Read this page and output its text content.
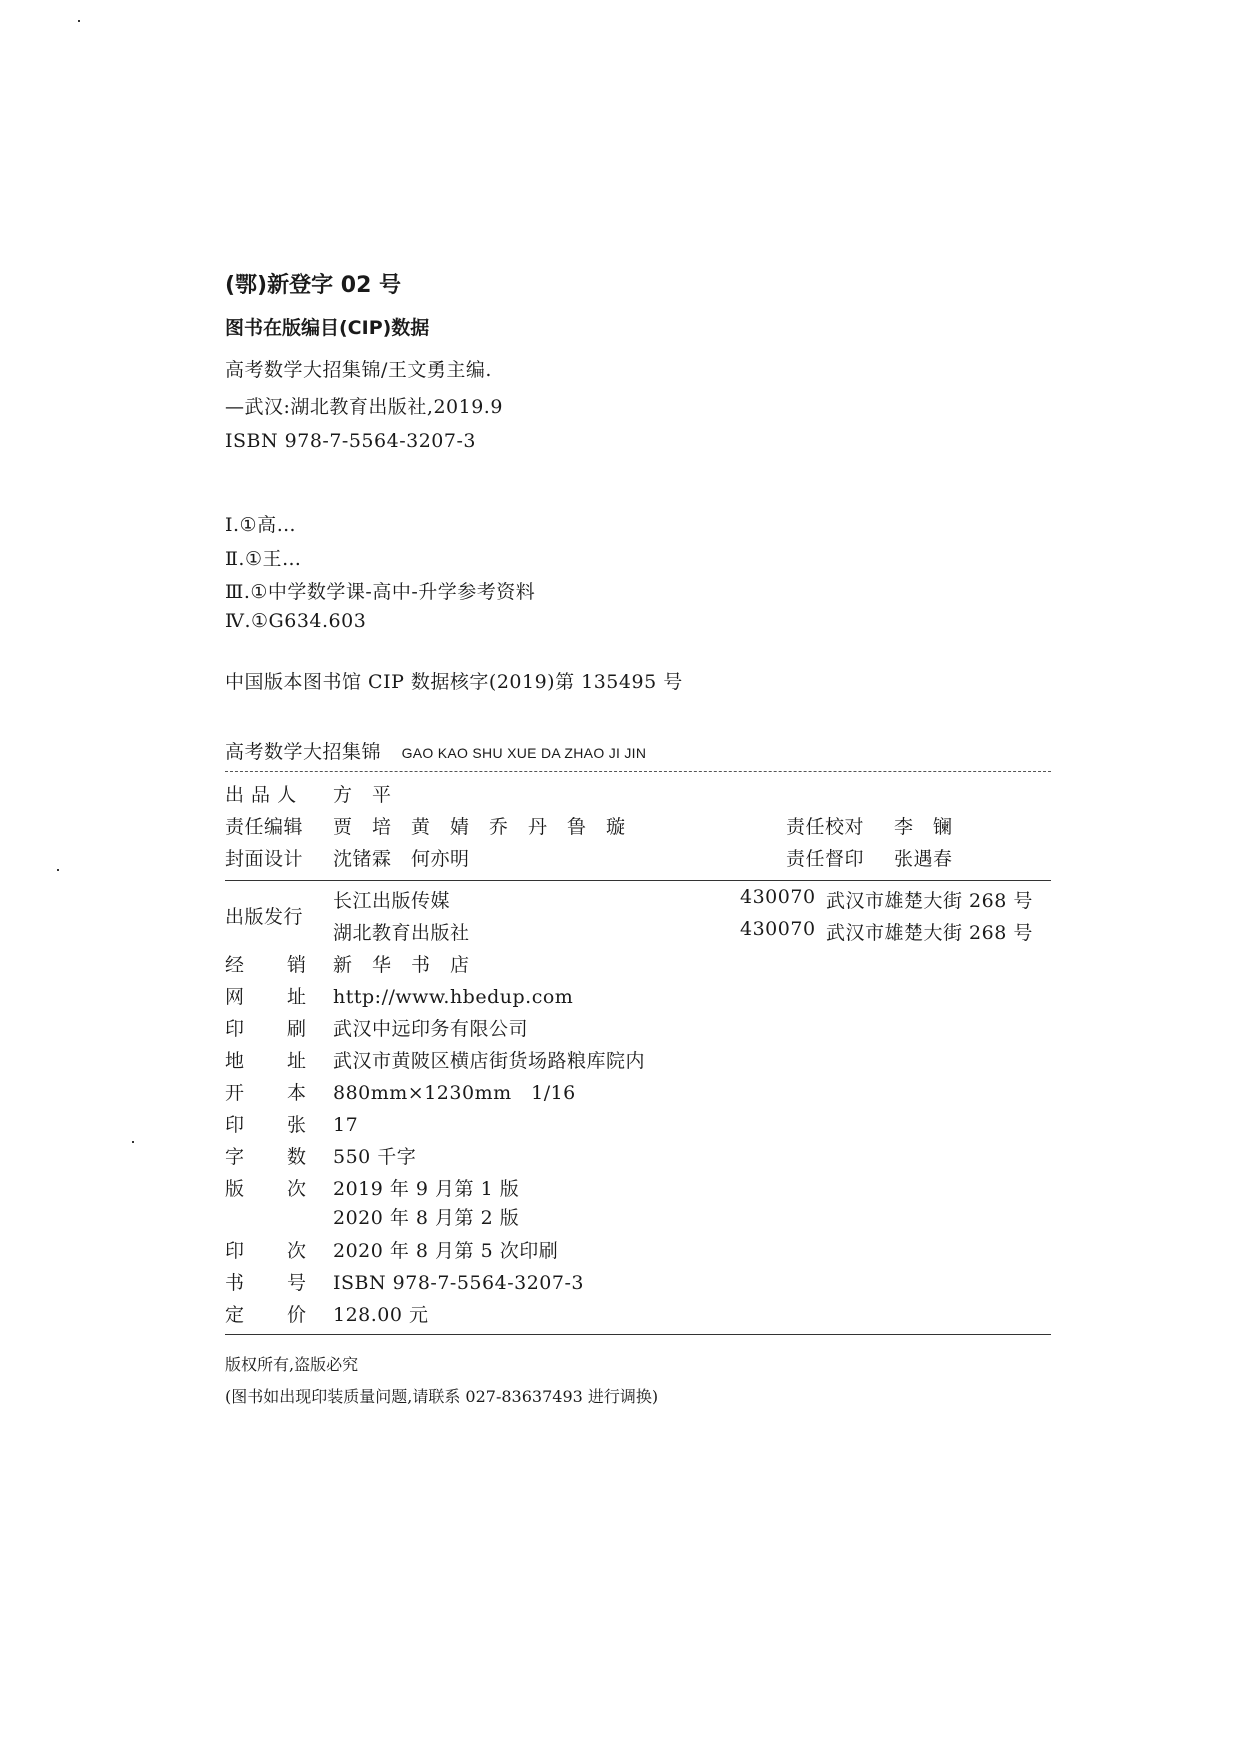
(鄂)新登字 02 号
图书在版编目(CIP)数据
高考数学大招集锦/王文勇主编.
—武汉:湖北教育出版社,2019.9
ISBN 978-7-5564-3207-3
Ⅰ.①高…
Ⅱ.①王…
Ⅲ.①中学数学课-高中-升学参考资料
Ⅳ.①G634.603
中国版本图书馆 CIP 数据核字(2019)第 135495 号
高考数学大招集锦 GAO KAO SHU XUE DA ZHAO JI JIN
出 品 人 方　平
责任编辑 贾　培　黄　婧　乔　丹　鲁　璇	责任校对 李　镧
封面设计 沈锗霖　何亦明	责任督印 张遇春
出版发行
长江出版传媒	430070 武汉市雄楚大街 268 号
湖北教育出版社	430070 武汉市雄楚大街 268 号
经 销 新　华　书　店
网 址 http://www.hbedup.com
印 刷 武汉中远印务有限公司
地 址 武汉市黄陂区横店街货场路粮库院内
开 本 880mm×1230mm　1/16
印 张 17
字 数 550 千字
版 次 2019 年 9 月第 1 版
2020 年 8 月第 2 版
印 次 2020 年 8 月第 5 次印刷
书 号 ISBN 978-7-5564-3207-3
定 价 128.00 元
版权所有,盗版必究
(图书如出现印装质量问题,请联系 027-83637493 进行调换)
